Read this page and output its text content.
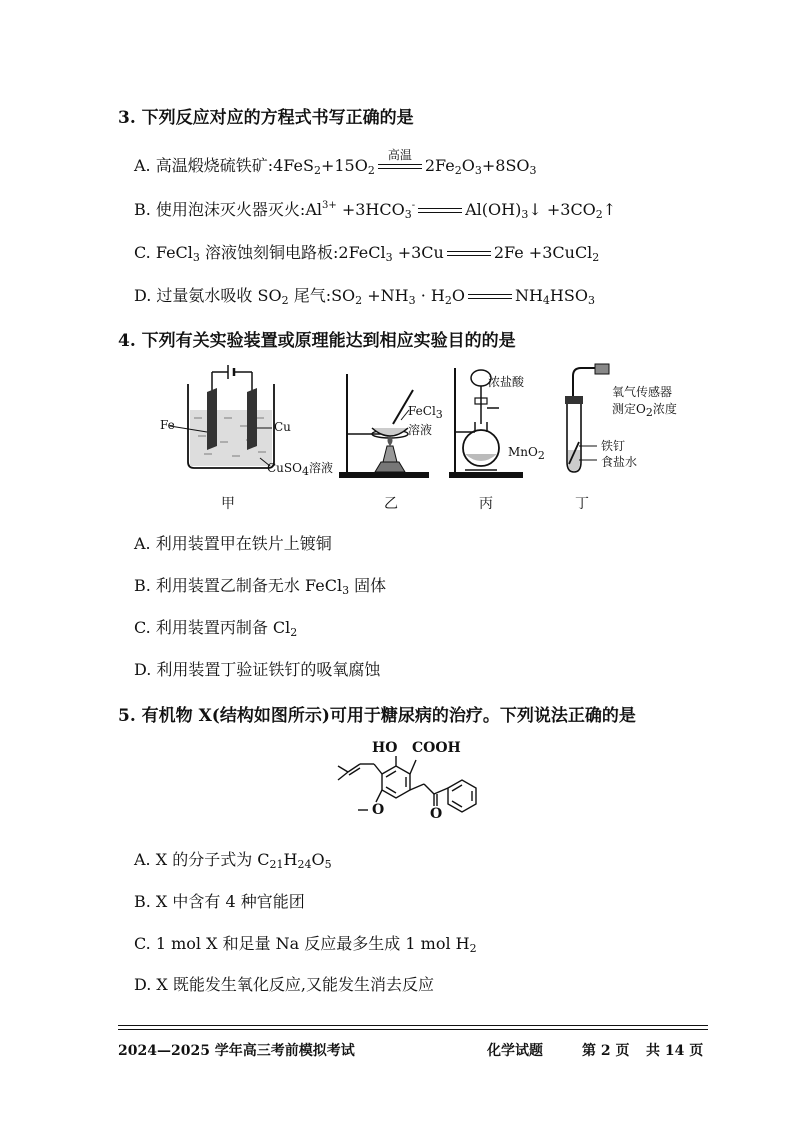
3. 下列反应对应的方程式书写正确的是
A. 高温煅烧硫铁矿$:4FeS_2+15O_2$
高温
$2Fe_2O_3+8SO_3$
B. 使用泡沫灭火器灭火$:Al^{3+} +3HCO_3^-$	$Al(OH)_3↓$ $+3CO_2↑$
C. FeCl$_3$ 溶液蚀刻铜电路板:2FeCl$_3$ +3Cu	2Fe +3CuCl$_2$
D. 过量氨水吸收 $SO_2$ 尾气$:SO_2 +NH_3 \cdot H_2O$	$NH_4HSO_3$
4. 下列有关实验装置或原理能达到相应实验目的的是
Fe	Cu
CuSO$_4$溶液
甲
FeCl$_3$
溶液
乙
浓盐酸
MnO$_2$
丙
氧气传感器
测定$O_2$浓度
铁钉
食盐水
丁
A. 利用装置甲在铁片上镀铜
B. 利用装置乙制备无水 FeCl$_3$ 固体
C. 利用装置丙制备 $Cl_2$
D. 利用装置丁验证铁钉的吸氧腐蚀
5. 有机物 X(结构如图所示)可用于糖尿病的治疗。下列说法正确的是
HO COOH
O	O
A. X 的分子式为 $C_{21}H_{24}O_5$
B. X 中含有 4 种官能团
C. 1 mol X 和足量 Na 反应最多生成 1 mol $H_2$
D. X 既能发生氧化反应,又能发生消去反应
2024—2025 学年高三考前模拟考试	化学试题	第 2 页 共 14 页
